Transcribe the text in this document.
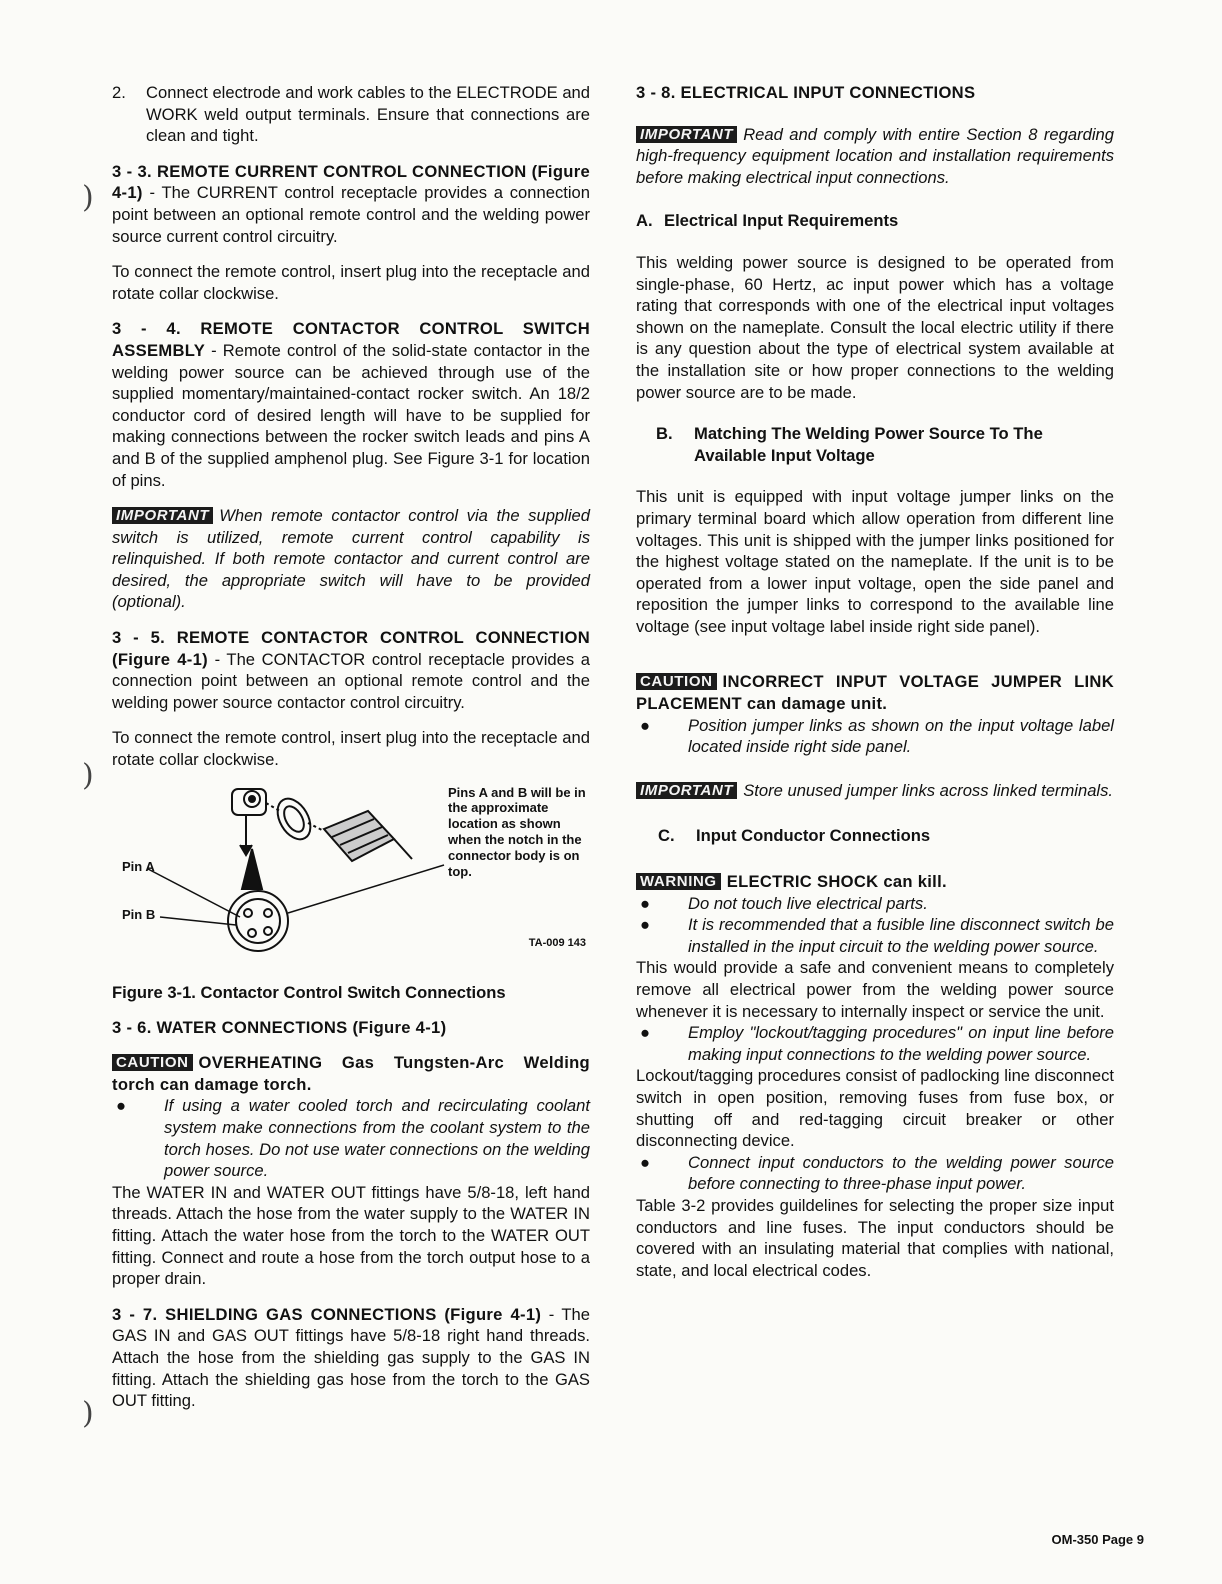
)
)
)
2.	Connect electrode and work cables to the ELECTRODE and WORK weld output terminals. Ensure that connections are clean and tight.

3 - 3. REMOTE CURRENT CONTROL CONNECTION (Figure 4-1) - The CURRENT control receptacle provides a connection point between an optional remote control and the welding power source current control circuitry.

To connect the remote control, insert plug into the receptacle and rotate collar clockwise.

3 - 4. REMOTE CONTACTOR CONTROL SWITCH ASSEMBLY - Remote control of the solid-state contactor in the welding power source can be achieved through use of the supplied momentary/maintained-contact rocker switch. An 18/2 conductor cord of desired length will have to be supplied for making connections between the rocker switch leads and pins A and B of the supplied amphenol plug. See Figure 3-1 for location of pins.

IMPORTANT When remote contactor control via the supplied switch is utilized, remote current control capability is relinquished. If both remote contactor and current control are desired, the appropriate switch will have to be provided (optional).

3 - 5. REMOTE CONTACTOR CONTROL CONNECTION (Figure 4-1) - The CONTACTOR control receptacle provides a connection point between an optional remote control and the welding power source contactor control circuitry.

To connect the remote control, insert plug into the receptacle and rotate collar clockwise.

Pin A
Pin B
Pins A and B will be in the approximate location as shown when the notch in the connector body is on top.
TA-009 143
Figure 3-1. Contactor Control Switch Connections

3 - 6. WATER CONNECTIONS (Figure 4-1)

CAUTION OVERHEATING Gas Tungsten-Arc Welding torch can damage torch.

●	If using a water cooled torch and recirculating coolant system make connections from the coolant system to the torch hoses. Do not use water connections on the welding power source.

The WATER IN and WATER OUT fittings have 5/8-18, left hand threads. Attach the hose from the water supply to the WATER IN fitting. Attach the water hose from the torch to the WATER OUT fitting. Connect and route a hose from the torch output hose to a proper drain.

3 - 7. SHIELDING GAS CONNECTIONS (Figure 4-1) - The GAS IN and GAS OUT fittings have 5/8-18 right hand threads. Attach the hose from the shielding gas supply to the GAS IN fitting. Attach the shielding gas hose from the torch to the GAS OUT fitting.

3 - 8. ELECTRICAL INPUT CONNECTIONS

IMPORTANT Read and comply with entire Section 8 regarding high-frequency equipment location and installation requirements before making electrical input connections.

A. Electrical Input Requirements

This welding power source is designed to be operated from single-phase, 60 Hertz, ac input power which has a voltage rating that corresponds with one of the electrical input voltages shown on the nameplate. Consult the local electric utility if there is any question about the type of electrical system available at the installation site or how proper connections to the welding power source are to be made.

B.	Matching The Welding Power Source To The Available Input Voltage

This unit is equipped with input voltage jumper links on the primary terminal board which allow operation from different line voltages. This unit is shipped with the jumper links positioned for the highest voltage stated on the nameplate. If the unit is to be operated from a lower input voltage, open the side panel and reposition the jumper links to correspond to the available line voltage (see input voltage label inside right side panel).

CAUTION INCORRECT INPUT VOLTAGE JUMPER LINK PLACEMENT can damage unit.

●	Position jumper links as shown on the input voltage label located inside right side panel.

IMPORTANT Store unused jumper links across linked terminals.

C.	Input Conductor Connections

WARNING ELECTRIC SHOCK can kill.

●	Do not touch live electrical parts.
●	It is recommended that a fusible line disconnect switch be installed in the input circuit to the welding power source.

This would provide a safe and convenient means to completely remove all electrical power from the welding power source whenever it is necessary to internally inspect or service the unit.

●	Employ "lockout/tagging procedures" on input line before making input connections to the welding power source.

Lockout/tagging procedures consist of padlocking line disconnect switch in open position, removing fuses from fuse box, or shutting off and red-tagging circuit breaker or other disconnecting device.

●	Connect input conductors to the welding power source before connecting to three-phase input power.

Table 3-2 provides guildelines for selecting the proper size input conductors and line fuses. The input conductors should be covered with an insulating material that complies with national, state, and local electrical codes.

OM-350 Page 9
